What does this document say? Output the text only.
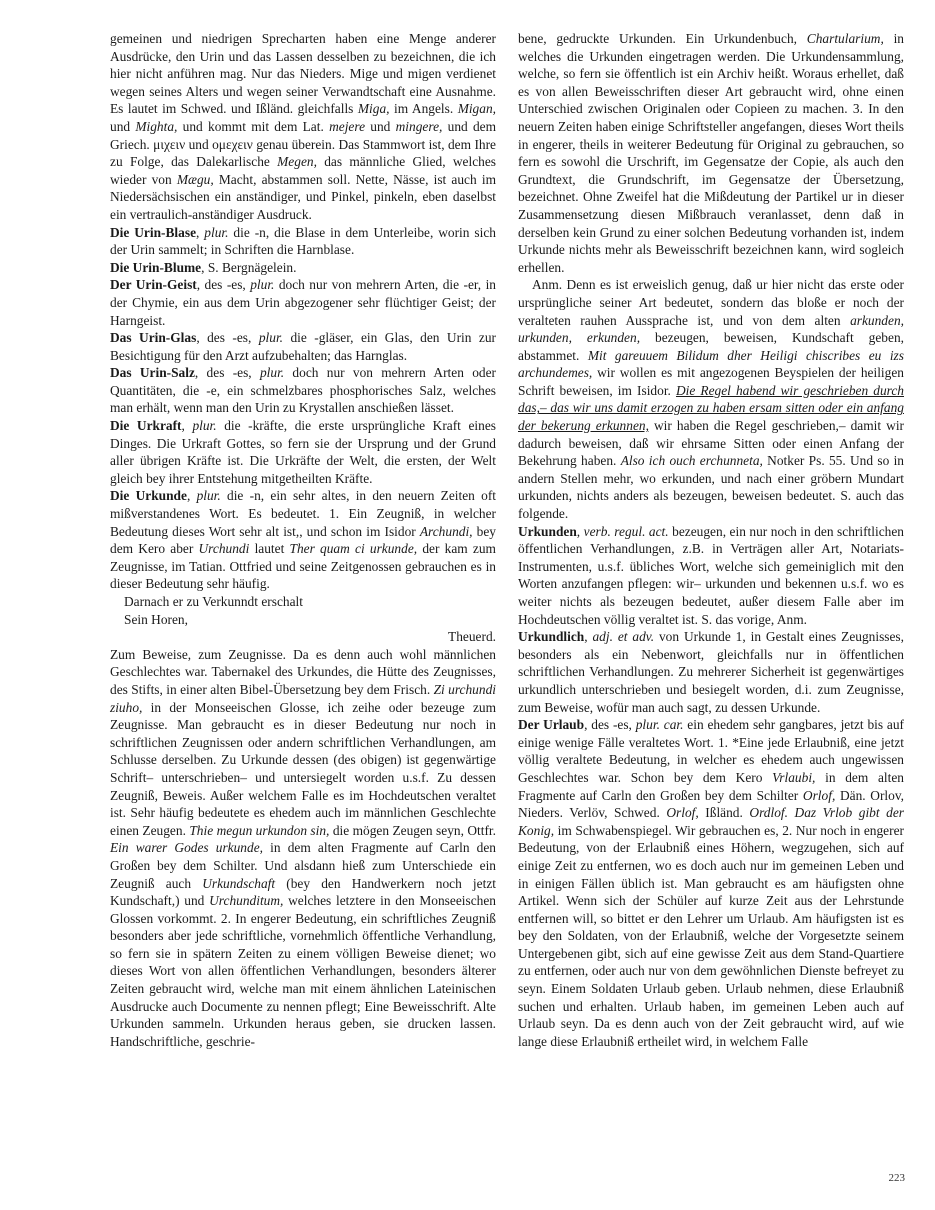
gemeinen und niedrigen Sprecharten haben eine Menge anderer Ausdrücke, den Urin und das Lassen desselben zu bezeichnen, die ich hier nicht anführen mag. Nur das Nieders. Mige und migen verdienet wegen seines Alters und wegen seiner Verwandtschaft eine Ausnahme. Es lautet im Schwed. und Ißländ. gleichfalls Miga, im Angels. Migan, und Mighta, und kommt mit dem Lat. mejere und mingere, und dem Griech. μιχειν und ομεχειν genau überein. Das Stammwort ist, dem Ihre zu Folge, das Dalekarlische Megen, das männliche Glied, welches wieder von Mægu, Macht, abstammen soll. Nette, Nässe, ist auch im Niedersächsischen ein anständiger, und Pinkel, pinkeln, eben daselbst ein vertraulich-anständiger Ausdruck.

Die Urin-Blase, plur. die -n, die Blase in dem Unterleibe, worin sich der Urin sammelt; in Schriften die Harnblase.

Die Urin-Blume, S. Bergnägelein.

Der Urin-Geist, des -es, plur. doch nur von mehrern Arten, die -er, in der Chymie, ein aus dem Urin abgezogener sehr flüchtiger Geist; der Harngeist.

Das Urin-Glas, des -es, plur. die -gläser, ein Glas, den Urin zur Besichtigung für den Arzt aufzubehalten; das Harnglas.

Das Urin-Salz, des -es, plur. doch nur von mehrern Arten oder Quantitäten, die -e, ein schmelzbares phosphorisches Salz, welches man erhält, wenn man den Urin zu Krystallen anschießen lässet.

Die Urkraft, plur. die -kräfte, die erste ursprüngliche Kraft eines Dinges. Die Urkraft Gottes, so fern sie der Ursprung und der Grund aller übrigen Kräfte ist. Die Urkräfte der Welt, die ersten, der Welt gleich bey ihrer Entstehung mitgetheilten Kräfte.

Die Urkunde, plur. die -n, ein sehr altes, in den neuern Zeiten oft mißverstandenes Wort. Es bedeutet. 1. Ein Zeugniß, in welcher Bedeutung dieses Wort sehr alt ist,, und schon im Isidor Archundi, bey dem Kero aber Urchundi lautet Ther quam ci urkunde, der kam zum Zeugnisse, im Tatian. Ottfried und seine Zeitgenossen gebrauchen es in dieser Bedeutung sehr häufig.

Darnach er zu Verkunndt erschalt

Sein Horen,

Theuerd.

Zum Beweise, zum Zeugnisse. Da es denn auch wohl männlichen Geschlechtes war. Tabernakel des Urkundes, die Hütte des Zeugnisses, des Stifts, in einer alten Bibel-Übersetzung bey dem Frisch. Zi urchundi ziuho, in der Monseeischen Glosse, ich zeihe oder bezeuge zum Zeugnisse. Man gebraucht es in dieser Bedeutung nur noch in schriftlichen Zeugnissen oder andern schriftlichen Verhandlungen, am Schlusse derselben. Zu Urkunde dessen (des obigen) ist gegenwärtige Schrift– unterschrieben– und untersiegelt worden u.s.f. Zu dessen Zeugniß, Beweis. Außer welchem Falle es im Hochdeutschen veraltet ist. Sehr häufig bedeutete es ehedem auch im männlichen Geschlechte einen Zeugen. Thie megun urkundon sin, die mögen Zeugen seyn, Ottfr. Ein warer Godes urkunde, in dem alten Fragmente auf Carln den Großen bey dem Schilter. Und alsdann hieß zum Unterschiede ein Zeugniß auch Urkundschaft (bey den Handwerkern noch jetzt Kundschaft,) und Urchunditum, welches letztere in den Monseeischen Glossen vorkommt. 2. In engerer Bedeutung, ein schriftliches Zeugniß besonders aber jede schriftliche, vornehmlich öffentliche Verhandlung, so fern sie in spätern Zeiten zu einem völligen Beweise dienet; wo dieses Wort von allen öffentlichen Verhandlungen, besonders älterer Zeiten gebraucht wird, welche man mit einem ähnlichen Lateinischen Ausdrucke auch Documente zu nennen pflegt; Eine Beweisschrift. Alte Urkunden sammeln. Urkunden heraus geben, sie drucken lassen. Handschriftliche, geschrie-

bene, gedruckte Urkunden. Ein Urkundenbuch, Chartularium, in welches die Urkunden eingetragen werden. Die Urkundensammlung, welche, so fern sie öffentlich ist ein Archiv heißt. Woraus erhellet, daß es von allen Beweisschriften dieser Art gebraucht wird, ohne einen Unterschied zwischen Originalen oder Copieen zu machen. 3. In den neuern Zeiten haben einige Schriftsteller angefangen, dieses Wort theils in engerer, theils in weiterer Bedeutung für Original zu gebrauchen, so fern es sowohl die Urschrift, im Gegensatze der Copie, als auch den Grundtext, die Grundschrift, im Gegensatze der Übersetzung, bezeichnet. Ohne Zweifel hat die Mißdeutung der Partikel ur in dieser Zusammensetzung diesen Mißbrauch veranlasset, denn daß in derselben kein Grund zu einer solchen Bedeutung vorhanden ist, indem Urkunde nichts mehr als Beweisschrift bezeichnen kann, wird sogleich erhellen.

Anm. Denn es ist erweislich genug, daß ur hier nicht das erste oder ursprüngliche seiner Art bedeutet, sondern das bloße er noch der veralteten rauhen Aussprache ist, und von dem alten arkunden, urkunden, erkunden, bezeugen, beweisen, Kundschaft geben, abstammet. Mit gareuuem Bilidum dher Heiligi chiscribes eu izs archundemes, wir wollen es mit angezogenen Beyspielen der heiligen Schrift beweisen, im Isidor. Die Regel habend wir geschrieben durch das,– das wir uns damit erzogen zu haben ersam sitten oder ein anfang der bekerung erkunnen, wir haben die Regel geschrieben,– damit wir dadurch beweisen, daß wir ehrsame Sitten oder einen Anfang der Bekehrung haben. Also ich ouch erchunneta, Notker Ps. 55. Und so in andern Stellen mehr, wo erkunden, und nach einer gröbern Mundart urkunden, nichts anders als bezeugen, beweisen bedeutet. S. auch das folgende.

Urkunden, verb. regul. act. bezeugen, ein nur noch in den schriftlichen öffentlichen Verhandlungen, z.B. in Verträgen aller Art, Notariats-Instrumenten, u.s.f. übliches Wort, welche sich gemeiniglich mit den Worten anzufangen pflegen: wir– urkunden und bekennen u.s.f. wo es weiter nichts als bezeugen bedeutet, außer diesem Falle aber im Hochdeutschen völlig veraltet ist. S. das vorige, Anm.

Urkundlich, adj. et adv. von Urkunde 1, in Gestalt eines Zeugnisses, besonders als ein Nebenwort, gleichfalls nur in öffentlichen schriftlichen Verhandlungen. Zu mehrerer Sicherheit ist gegenwärtiges urkundlich unterschrieben und besiegelt worden, d.i. zum Zeugnisse, zum Beweise, wofür man auch sagt, zu dessen Urkunde.

Der Urlaub, des -es, plur. car. ein ehedem sehr gangbares, jetzt bis auf einige wenige Fälle veraltetes Wort. 1. *Eine jede Erlaubniß, eine jetzt völlig veraltete Bedeutung, in welcher es ehedem auch ungewissen Geschlechtes war. Schon bey dem Kero Vrlaubi, in dem alten Fragmente auf Carln den Großen bey dem Schilter Orlof, Dän. Orlov, Nieders. Verlöv, Schwed. Orlof, Ißländ. Ordlof. Daz Vrlob gibt der Konig, im Schwabenspiegel. Wir gebrauchen es, 2. Nur noch in engerer Bedeutung, von der Erlaubniß eines Höhern, wegzugehen, sich auf einige Zeit zu entfernen, wo es doch auch nur im gemeinen Leben und in einigen Fällen üblich ist. Man gebraucht es am häufigsten ohne Artikel. Wenn sich der Schüler auf kurze Zeit aus der Lehrstunde entfernen will, so bittet er den Lehrer um Urlaub. Am häufigsten ist es bey den Soldaten, von der Erlaubniß, welche der Vorgesetzte seinem Untergebenen gibt, sich auf eine gewisse Zeit aus dem Stand-Quartiere zu entfernen, oder auch nur von dem gewöhnlichen Dienste befreyet zu seyn. Einem Soldaten Urlaub geben. Urlaub nehmen, diese Erlaubniß suchen und erhalten. Urlaub haben, im gemeinen Leben auch auf Urlaub seyn. Da es denn auch von der Zeit gebraucht wird, auf wie lange diese Erlaubniß ertheilet wird, in welchem Falle

223
